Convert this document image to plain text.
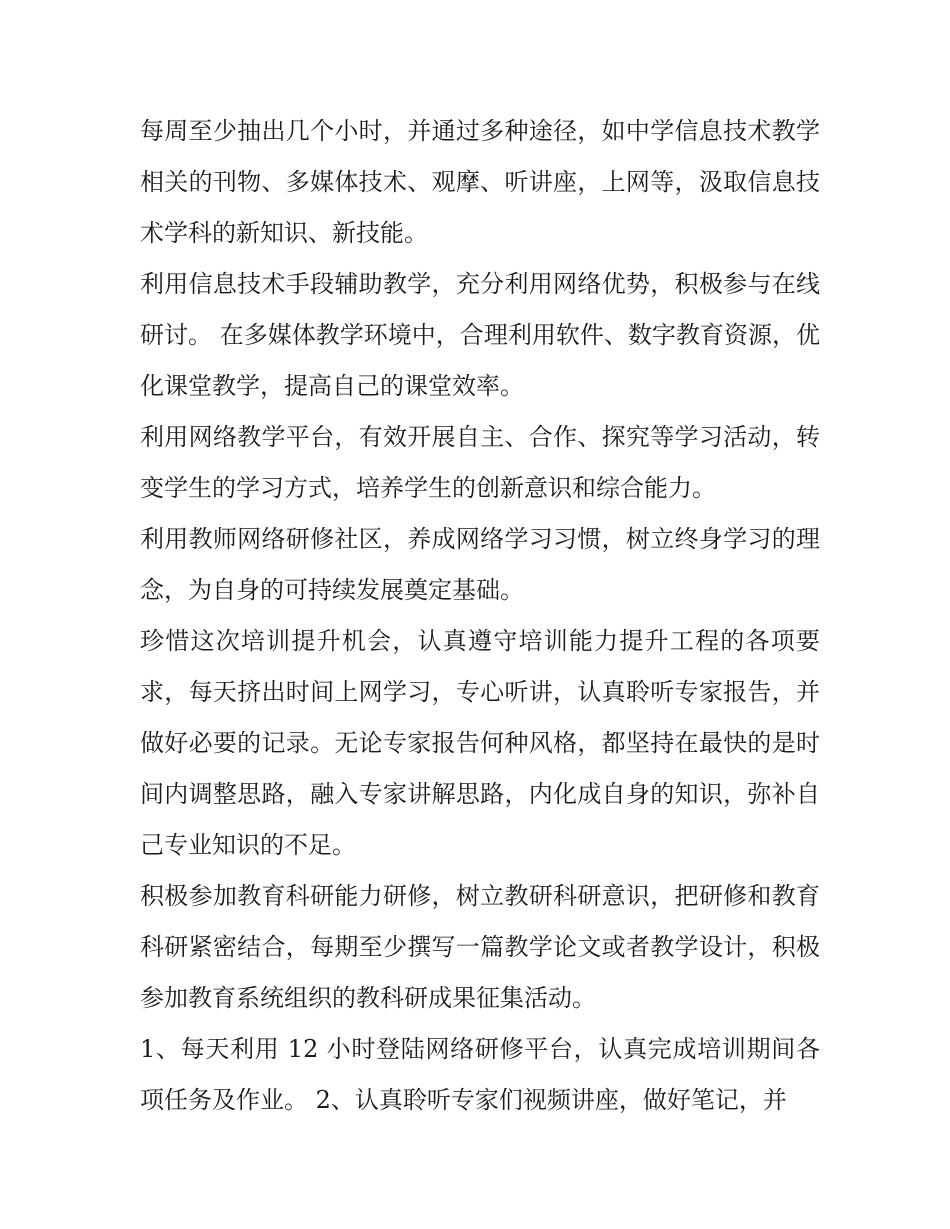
每周至少抽出几个小时，并通过多种途径，如中学信息技术教学相关的刊物、多媒体技术、观摩、听讲座，上网等，汲取信息技术学科的新知识、新技能。

利用信息技术手段辅助教学，充分利用网络优势，积极参与在线研讨。 在多媒体教学环境中，合理利用软件、数字教育资源，优化课堂教学，提高自己的课堂效率。

利用网络教学平台，有效开展自主、合作、探究等学习活动，转变学生的学习方式，培养学生的创新意识和综合能力。

利用教师网络研修社区，养成网络学习习惯，树立终身学习的理念，为自身的可持续发展奠定基础。

珍惜这次培训提升机会，认真遵守培训能力提升工程的各项要求，每天挤出时间上网学习，专心听讲，认真聆听专家报告，并做好必要的记录。无论专家报告何种风格，都坚持在最快的是时间内调整思路，融入专家讲解思路，内化成自身的知识，弥补自己专业知识的不足。

积极参加教育科研能力研修，树立教研科研意识，把研修和教育科研紧密结合，每期至少撰写一篇教学论文或者教学设计，积极参加教育系统组织的教科研成果征集活动。

1、每天利用 12 小时登陆网络研修平台，认真完成培训期间各项任务及作业。 2、认真聆听专家们视频讲座，做好笔记，并
